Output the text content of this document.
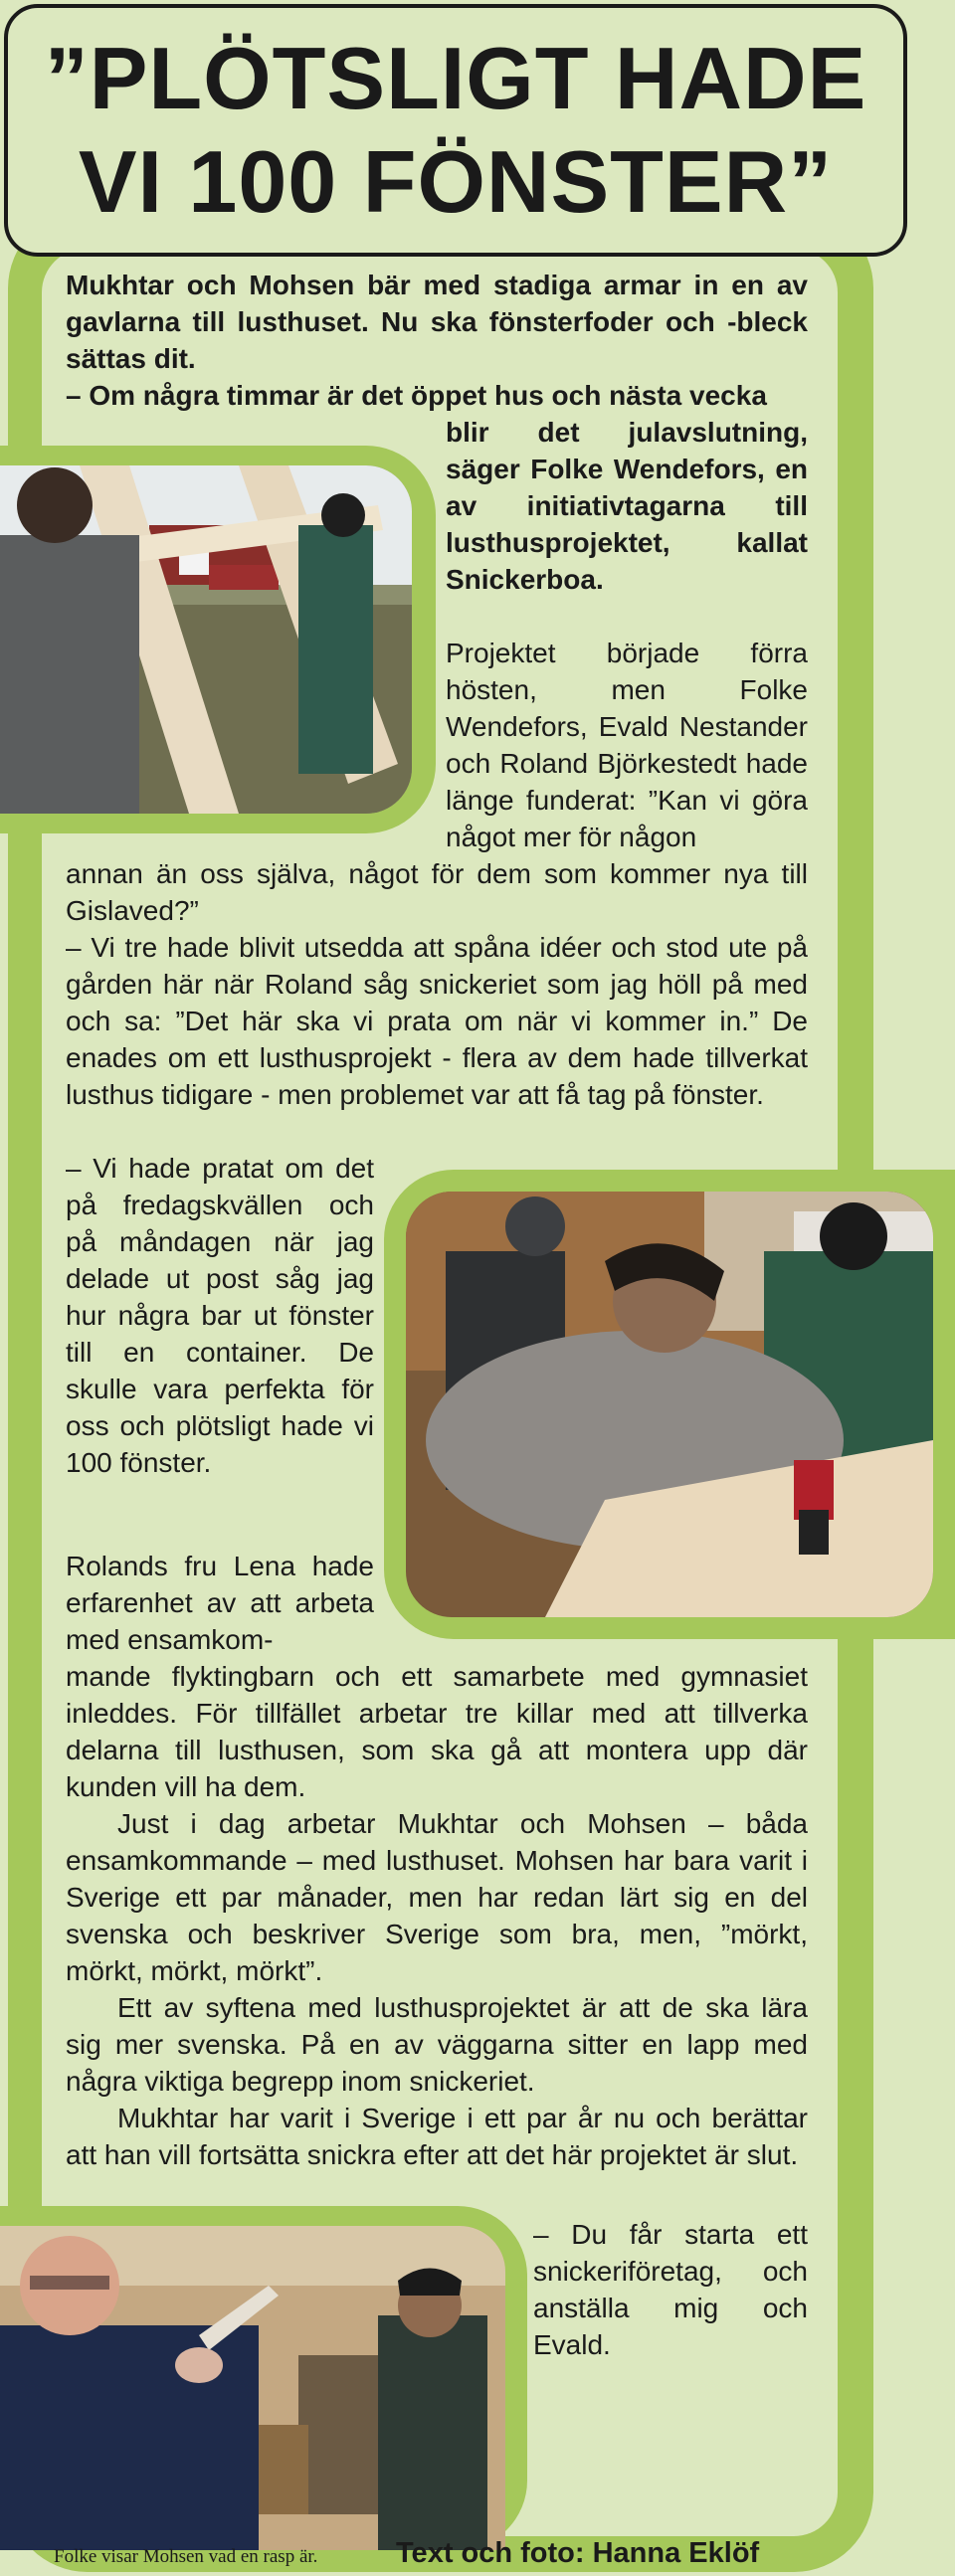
”PLÖTSLIGT HADE
VI 100 FÖNSTER”

Mukhtar och Mohsen bär med stadiga armar in en av gavlarna till lusthuset. Nu ska fönsterfoder och -bleck sättas dit.

– Om några timmar är det öppet hus och nästa vecka

blir det julavslutning, säger Folke Wendefors, en av initiativtagarna till lusthusprojektet, kallat Snickerboa.

Projektet började förra hösten, men Folke Wendefors, Evald Nestander och Roland Björkestedt hade länge funderat: ”Kan vi göra något mer för någon

annan än oss själva, något för dem som kommer nya till Gislaved?”

– Vi tre hade blivit utsedda att spåna idéer och stod ute på gården här när Roland såg snickeriet som jag höll på med och sa: ”Det här ska vi prata om när vi kommer in.” De enades om ett lusthusprojekt - flera av dem hade tillverkat lusthus tidigare - men problemet var att få tag på fönster.

– Vi hade pratat om det på fredagskvällen och på måndagen när jag delade ut post såg jag hur några bar ut fönster till en container. De skulle vara perfekta för oss och plötsligt hade vi 100 fönster.

Rolands fru Lena hade erfarenhet av att arbeta med ensamkom-

mande flyktingbarn och ett samarbete med gymnasiet inleddes. För tillfället arbetar tre killar med att tillverka delarna till lusthusen, som ska gå att montera upp där kunden vill ha dem.

Just i dag arbetar Mukhtar och Mohsen – båda ensamkommande – med lusthuset. Mohsen har bara varit i Sverige ett par månader, men har redan lärt sig en del svenska och beskriver Sverige som bra, men, ”mörkt, mörkt, mörkt, mörkt”.

Ett av syftena med lusthusprojektet är att de ska lära sig mer svenska. På en av väggarna sitter en lapp med några viktiga begrepp inom snickeriet.

Mukhtar har varit i Sverige i ett par år nu och berättar att han vill fortsätta snickra efter att det här projektet är slut.

– Du får starta ett snickeriföretag, och anställa mig och Evald.

Folke visar Mohsen vad en rasp är.	Text och foto: Hanna Eklöf
